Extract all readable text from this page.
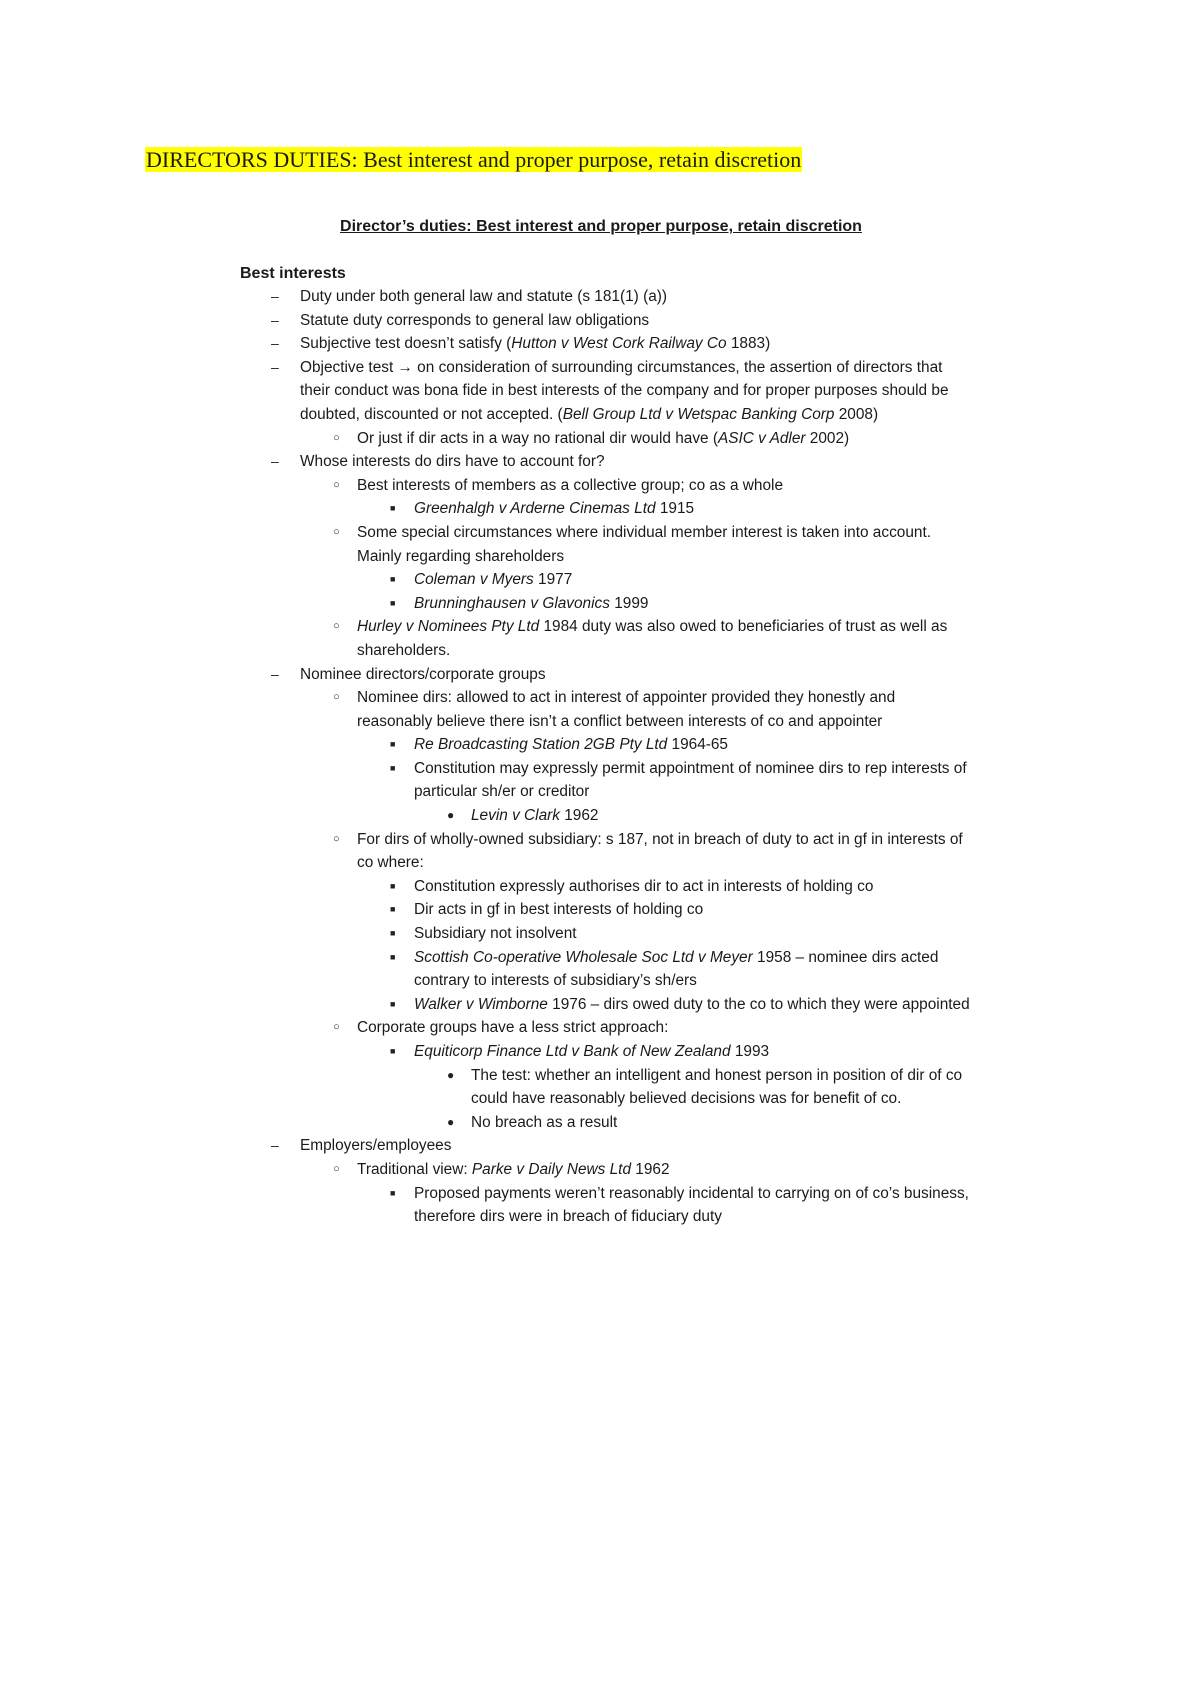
DIRECTORS DUTIES: Best interest and proper purpose, retain discretion
Director’s duties: Best interest and proper purpose, retain discretion
Best interests
– Duty under both general law and statute (s 181(1) (a))
– Statute duty corresponds to general law obligations
– Subjective test doesn’t satisfy (Hutton v West Cork Railway Co 1883)
– Objective test → on consideration of surrounding circumstances, the assertion of directors that their conduct was bona fide in best interests of the company and for proper purposes should be doubted, discounted or not accepted. (Bell Group Ltd v Wetspac Banking Corp 2008)
○ Or just if dir acts in a way no rational dir would have (ASIC v Adler 2002)
– Whose interests do dirs have to account for?
○ Best interests of members as a collective group; co as a whole
■ Greenhalgh v Arderne Cinemas Ltd 1915
○ Some special circumstances where individual member interest is taken into account. Mainly regarding shareholders
■ Coleman v Myers 1977
■ Brunninghausen v Glavonics 1999
○ Hurley v Nominees Pty Ltd 1984 duty was also owed to beneficiaries of trust as well as shareholders.
– Nominee directors/corporate groups
○ Nominee dirs: allowed to act in interest of appointer provided they honestly and reasonably believe there isn’t a conflict between interests of co and appointer
■ Re Broadcasting Station 2GB Pty Ltd 1964-65
■ Constitution may expressly permit appointment of nominee dirs to rep interests of particular sh/er or creditor
● Levin v Clark 1962
○ For dirs of wholly-owned subsidiary: s 187, not in breach of duty to act in gf in interests of co where:
■ Constitution expressly authorises dir to act in interests of holding co
■ Dir acts in gf in best interests of holding co
■ Subsidiary not insolvent
■ Scottish Co-operative Wholesale Soc Ltd v Meyer 1958 – nominee dirs acted contrary to interests of subsidiary’s sh/ers
■ Walker v Wimborne 1976 – dirs owed duty to the co to which they were appointed
○ Corporate groups have a less strict approach:
■ Equiticorp Finance Ltd v Bank of New Zealand 1993
● The test: whether an intelligent and honest person in position of dir of co could have reasonably believed decisions was for benefit of co.
● No breach as a result
– Employers/employees
○ Traditional view: Parke v Daily News Ltd 1962
■ Proposed payments weren’t reasonably incidental to carrying on of co’s business, therefore dirs were in breach of fiduciary duty
